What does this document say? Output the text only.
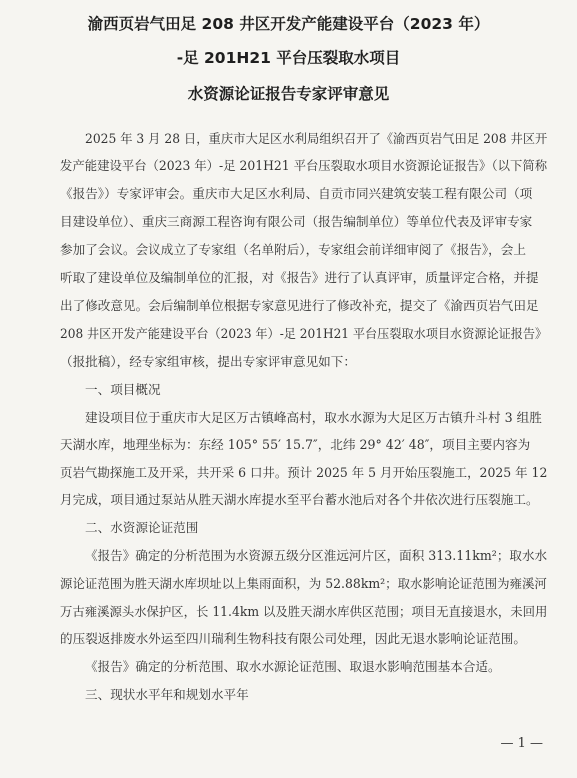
渝西页岩气田足 208 井区开发产能建设平台（2023 年）
-足 201H21 平台压裂取水项目
水资源论证报告专家评审意见
2025 年 3 月 28 日，重庆市大足区水利局组织召开了《渝西页岩气田足 208 井区开
发产能建设平台（2023 年）-足 201H21 平台压裂取水项目水资源论证报告》（以下简称
《报告》）专家评审会。重庆市大足区水利局、自贡市同兴建筑安装工程有限公司（项
目建设单位）、重庆三商源工程咨询有限公司（报告编制单位）等单位代表及评审专家
参加了会议。会议成立了专家组（名单附后），专家组会前详细审阅了《报告》，会上
听取了建设单位及编制单位的汇报，对《报告》进行了认真评审，质量评定合格，并提
出了修改意见。会后编制单位根据专家意见进行了修改补充，提交了《渝西页岩气田足
208 井区开发产能建设平台（2023 年）-足 201H21 平台压裂取水项目水资源论证报告》
（报批稿），经专家组审核，提出专家评审意见如下：
一、项目概况
建设项目位于重庆市大足区万古镇峰高村，取水水源为大足区万古镇升斗村 3 组胜
天湖水库，地理坐标为：东经 105° 55′ 15.7″，北纬 29° 42′ 48″，项目主要内容为
页岩气勘探施工及开采，共开采 6 口井。预计 2025 年 5 月开始压裂施工，2025 年 12
月完成，项目通过泵站从胜天湖水库提水至平台蓄水池后对各个井依次进行压裂施工。
二、水资源论证范围
《报告》确定的分析范围为水资源五级分区淮远河片区，面积 313.11km²；取水水
源论证范围为胜天湖水库坝址以上集雨面积，为 52.88km²；取水影响论证范围为雍溪河
万古雍溪源头水保护区，长 11.4km 以及胜天湖水库供区范围；项目无直接退水，未回用
的压裂返排废水外运至四川瑞利生物科技有限公司处理，因此无退水影响论证范围。
《报告》确定的分析范围、取水水源论证范围、取退水影响范围基本合适。
三、现状水平年和规划水平年
— 1 —
